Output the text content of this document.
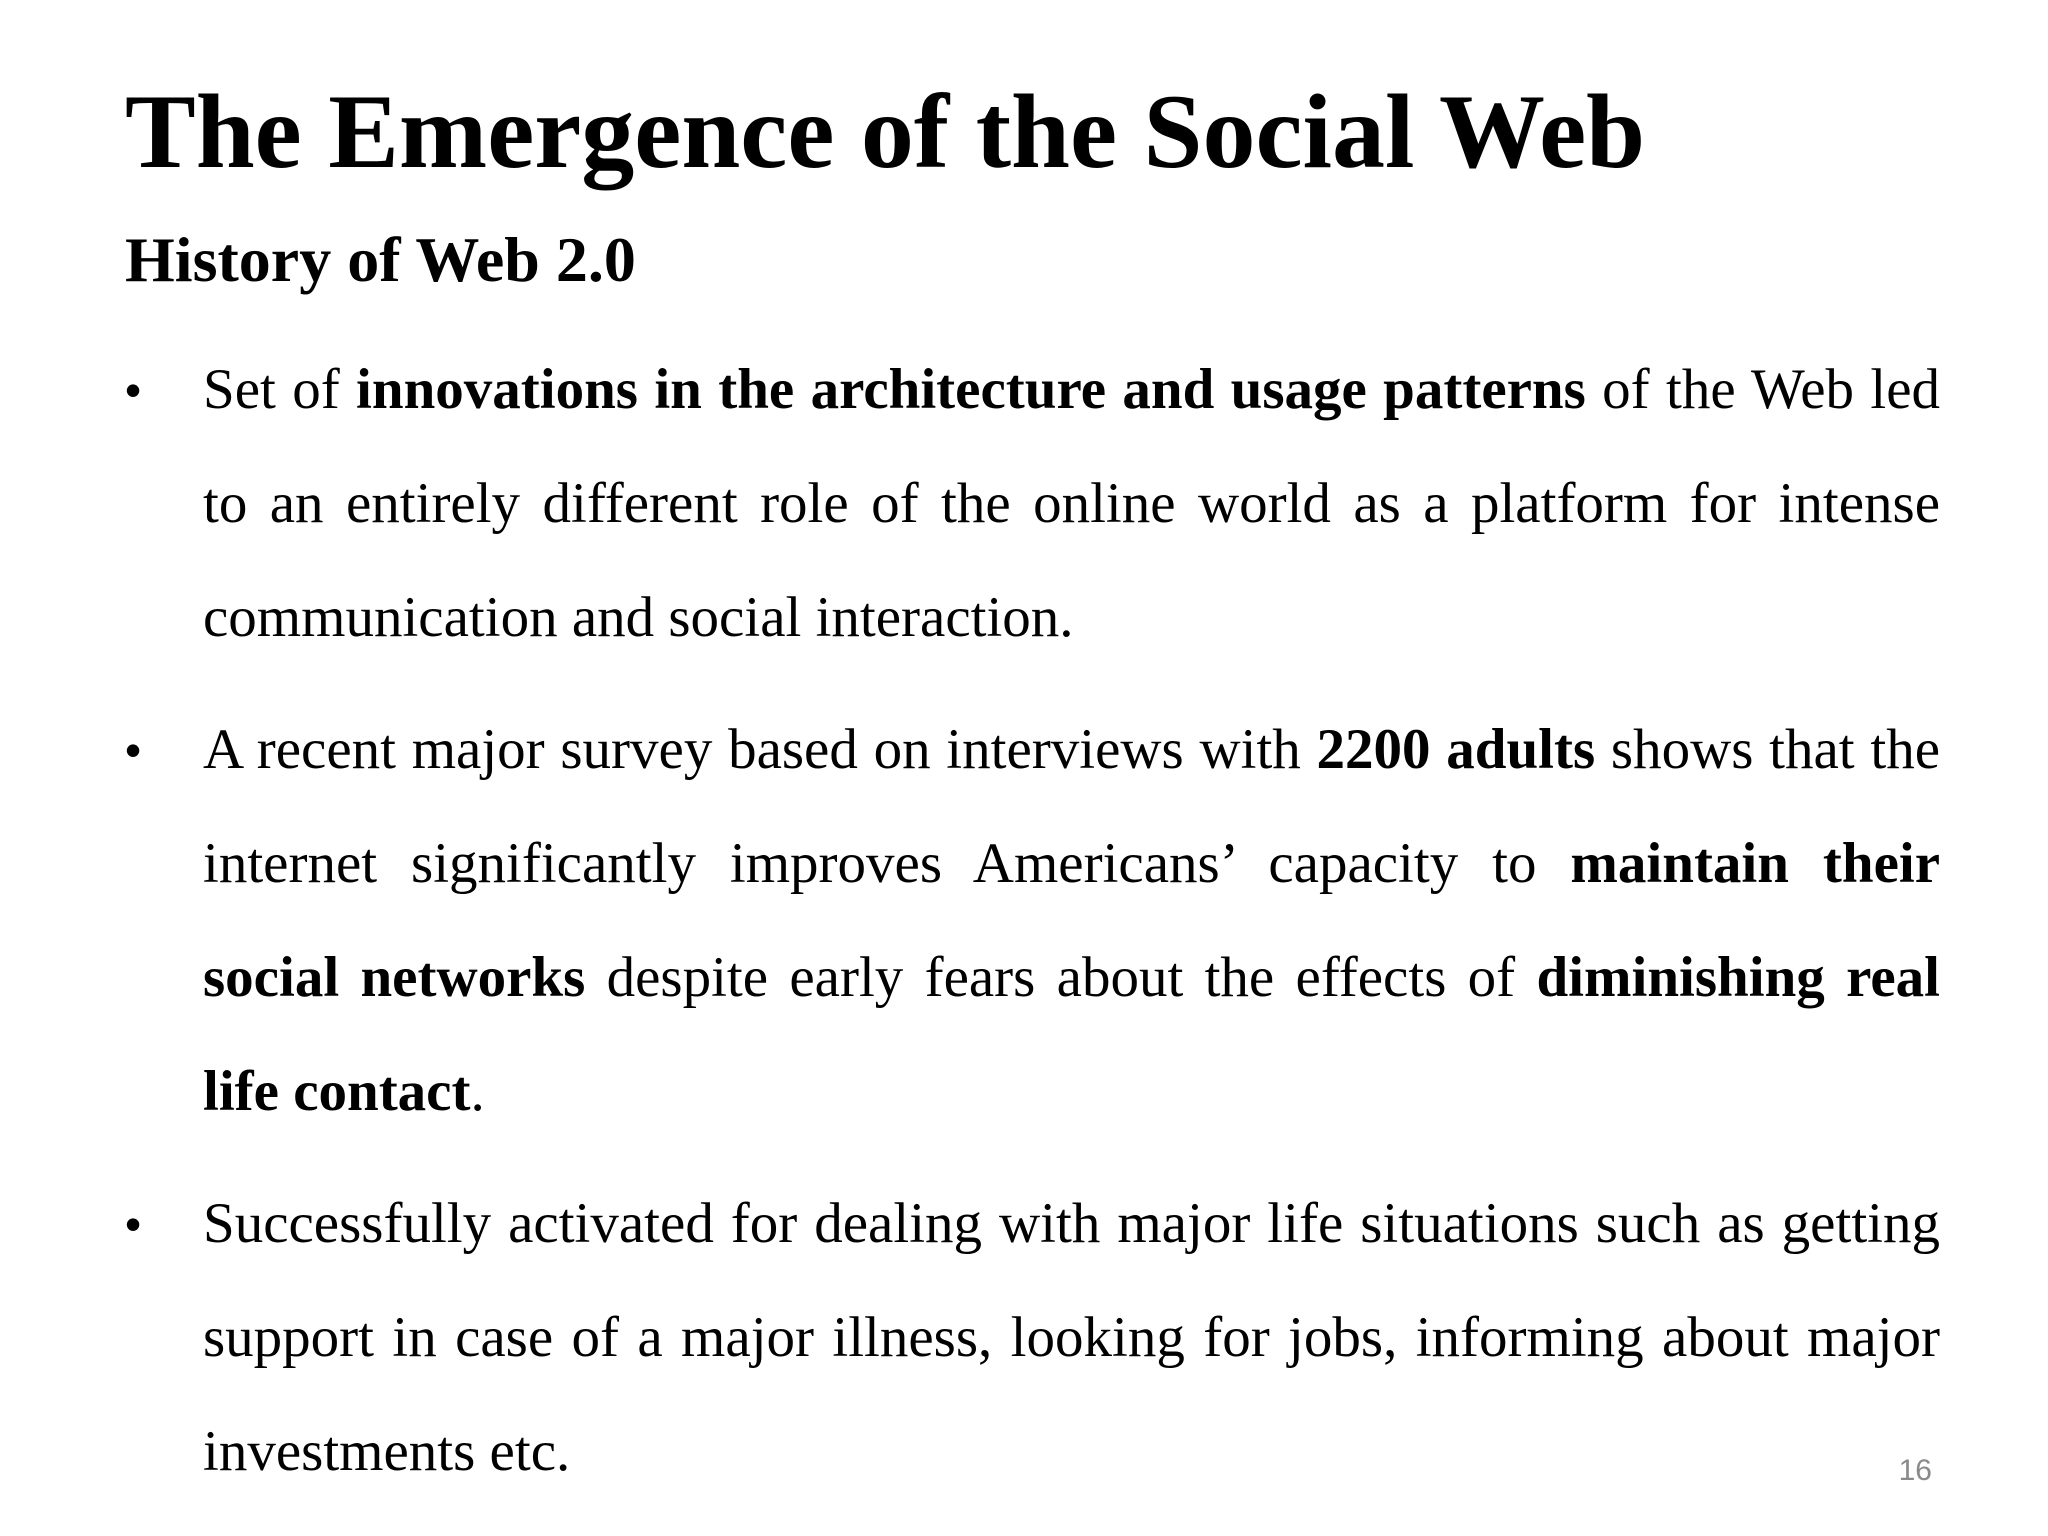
The Emergence of the Social Web
History of Web 2.0
• Set of innovations in the architecture and usage patterns of the Web led to an entirely different role of the online world as a platform for intense communication and social interaction.
• A recent major survey based on interviews with 2200 adults shows that the internet significantly improves Americans’ capacity to maintain their social networks despite early fears about the effects of diminishing real life contact.
• Successfully activated for dealing with major life situations such as getting support in case of a major illness, looking for jobs, informing about major investments etc.	16
